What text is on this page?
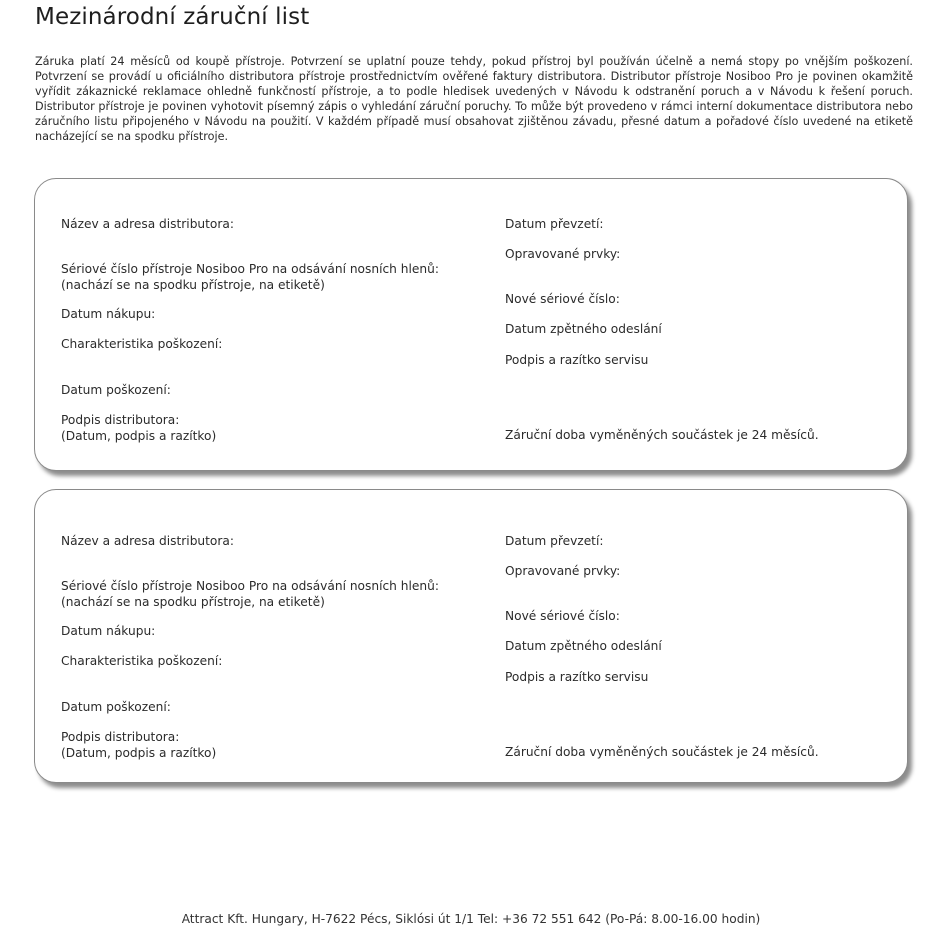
Mezinárodní záruční list
Záruka platí 24 měsíců od koupě přístroje. Potvrzení se uplatní pouze tehdy, pokud přístroj byl používán účelně a nemá stopy po vnějším poškození. Potvrzení se provádí u oficiálního distributora přístroje prostřednictvím ověřené faktury distributora. Distributor přístroje Nosiboo Pro je povinen okamžitě vyřídit zákaznické reklamace ohledně funkčností přístroje, a to podle hledisek uvedených v Návodu k odstranění poruch a v Návodu k řešení poruch. Distributor přístroje je povinen vyhotovit písemný zápis o vyhledání záruční poruchy. To může být provedeno v rámci interní dokumentace distributora nebo záručního listu připojeného v Návodu na použití. V každém případě musí obsahovat zjištěnou závadu, přesné datum a pořadové číslo uvedené na etiketě nacházející se na spodku přístroje.
Název a adresa distributora:
Sériové číslo přístroje Nosiboo Pro na odsávání nosních hlenů:
(nachází se na spodku přístroje, na etiketě)
Datum nákupu:
Charakteristika poškození:
Datum poškození:
Podpis distributora:
(Datum, podpis a razítko)
Datum převzetí:
Opravované prvky:
Nové sériové číslo:
Datum zpětného odeslání
Podpis a razítko servisu
Záruční doba vyměněných součástek je 24 měsíců.
Název a adresa distributora:
Sériové číslo přístroje Nosiboo Pro na odsávání nosních hlenů:
(nachází se na spodku přístroje, na etiketě)
Datum nákupu:
Charakteristika poškození:
Datum poškození:
Podpis distributora:
(Datum, podpis a razítko)
Datum převzetí:
Opravované prvky:
Nové sériové číslo:
Datum zpětného odeslání
Podpis a razítko servisu
Záruční doba vyměněných součástek je 24 měsíců.
Attract Kft. Hungary, H-7622 Pécs, Siklósi út 1/1 Tel: +36 72 551 642 (Po-Pá: 8.00-16.00 hodin)
